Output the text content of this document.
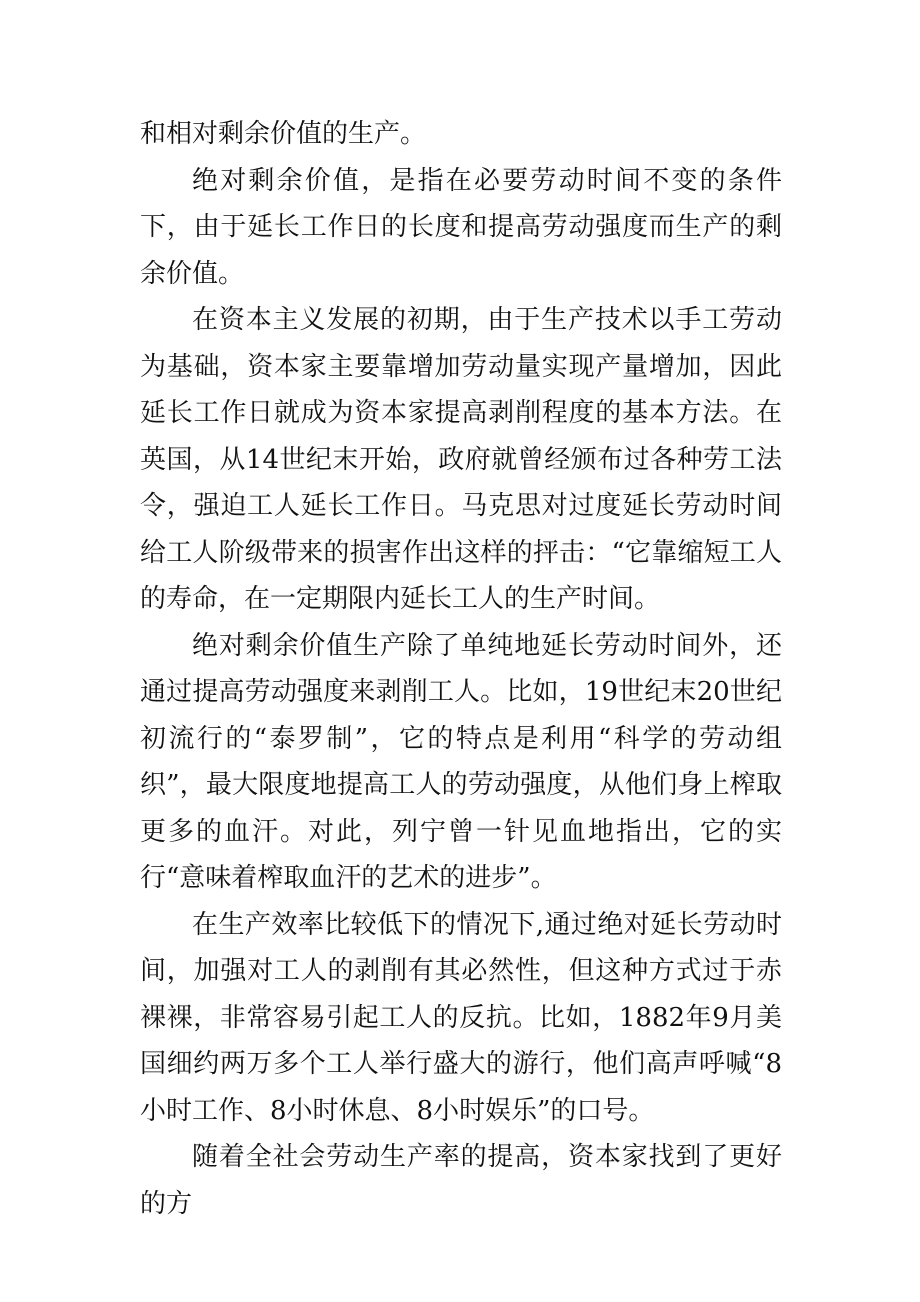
和相对剩余价值的生产。

绝对剩余价值，是指在必要劳动时间不变的条件下，由于延长工作日的长度和提高劳动强度而生产的剩余价值。

在资本主义发展的初期，由于生产技术以手工劳动为基础，资本家主要靠增加劳动量实现产量增加，因此延长工作日就成为资本家提高剥削程度的基本方法。在英国，从14世纪末开始，政府就曾经颁布过各种劳工法令，强迫工人延长工作日。马克思对过度延长劳动时间给工人阶级带来的损害作出这样的抨击：“它靠缩短工人的寿命，在一定期限内延长工人的生产时间。

绝对剩余价值生产除了单纯地延长劳动时间外，还通过提高劳动强度来剥削工人。比如，19世纪末20世纪初流行的“泰罗制”，它的特点是利用“科学的劳动组织”，最大限度地提高工人的劳动强度，从他们身上榨取更多的血汗。对此，列宁曾一针见血地指出，它的实行“意味着榨取血汗的艺术的进步”。

在生产效率比较低下的情况下,通过绝对延长劳动时间，加强对工人的剥削有其必然性，但这种方式过于赤裸裸，非常容易引起工人的反抗。比如，1882年9月美国细约两万多个工人举行盛大的游行，他们高声呼喊“8小时工作、8小时休息、8小时娱乐”的口号。

随着全社会劳动生产率的提高，资本家找到了更好的方
